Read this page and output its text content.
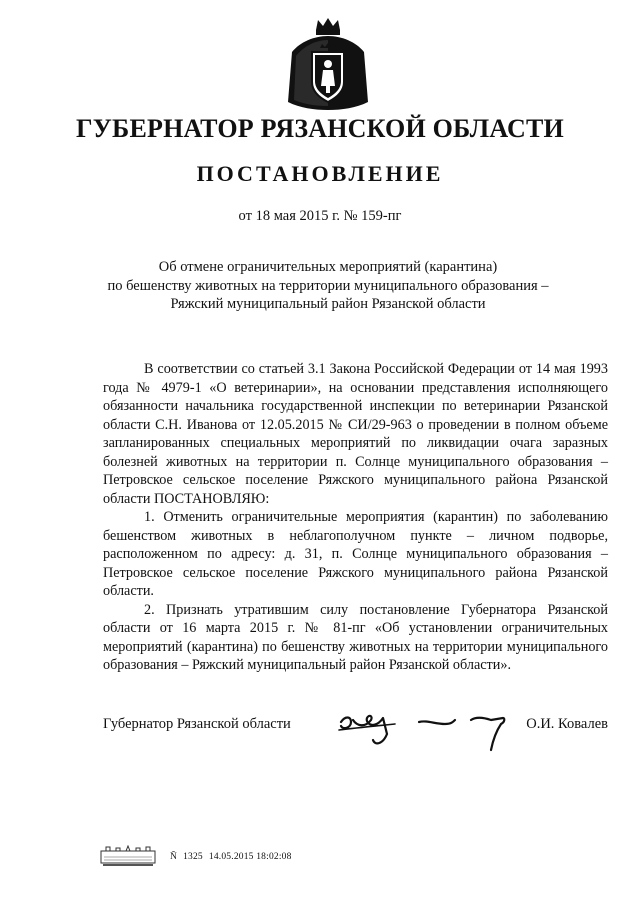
ГУБЕРНАТОР РЯЗАНСКОЙ ОБЛАСТИ
ПОСТАНОВЛЕНИЕ
от 18 мая 2015 г. № 159-пг
Об отмене ограничительных мероприятий (карантина)
по бешенству животных на территории муниципального образования –
Ряжский муниципальный район Рязанской области

В соответствии со статьей 3.1 Закона Российской Федерации от 14 мая 1993 года № 4979-1 «О ветеринарии», на основании представления исполняющего обязанности начальника государственной инспекции по ветеринарии Рязанской области С.Н. Иванова от 12.05.2015 № СИ/29-963 о проведении в полном объеме запланированных специальных мероприятий по ликвидации очага заразных болезней животных на территории п. Солнце муниципального образования – Петровское сельское поселение Ряжского муниципального района Рязанской области ПОСТАНОВЛЯЮ:

1. Отменить ограничительные мероприятия (карантин) по заболеванию бешенством животных в неблагополучном пункте – личном подворье, расположенном по адресу: д. 31, п. Солнце муниципального образования – Петровское сельское поселение Ряжского муниципального района Рязанской области.

2. Признать утратившим силу постановление Губернатора Рязанской области от 16 марта 2015 г. № 81-пг «Об установлении ограничительных мероприятий (карантина) по бешенству животных на территории муниципального образования – Ряжский муниципальный район Рязанской области».

Губернатор Рязанской области	О.И. Ковалев
Ñ 1325 14.05.2015 18:02:08
